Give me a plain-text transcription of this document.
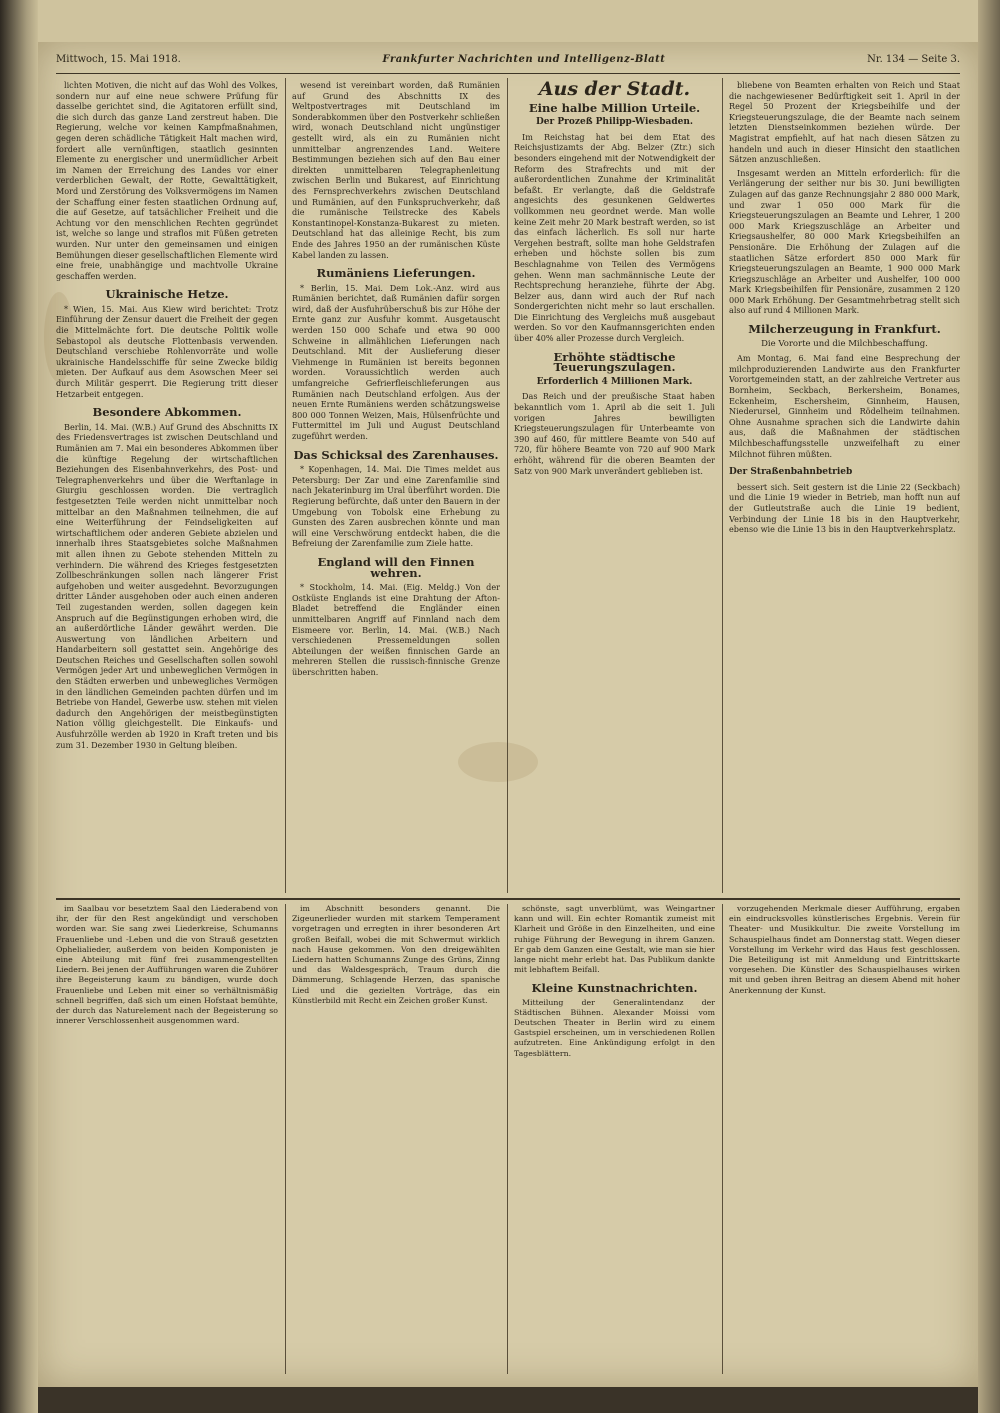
Mittwoch, 15. Mai 1918.	Frankfurter Nachrichten und Intelligenz-Blatt	Nr. 134 — Seite 3.

lichten Motiven, die nicht auf das Wohl des Volkes, sondern nur auf eine neue schwere Prüfung für dasselbe gerichtet sind, die Agitatoren erfüllt sind, die sich durch das ganze Land zerstreut haben. Die Regierung, welche vor keinen Kampfmaßnahmen, gegen deren schädliche Tätigkeit Halt machen wird, fordert alle vernünftigen, staatlich gesinnten Elemente zu energischer und unermüdlicher Arbeit im Namen der Erreichung des Landes vor einer verderblichen Gewalt, der Rotte, Gewalttätigkeit, Mord und Zerstörung des Volksvermögens im Namen der Schaffung einer festen staatlichen Ordnung auf, die auf Gesetze, auf tatsächlicher Freiheit und die Achtung vor den menschlichen Rechten gegründet ist, welche so lange und straflos mit Füßen getreten wurden. Nur unter den gemeinsamen und einigen Bemühungen dieser gesellschaftlichen Elemente wird eine freie, unabhängige und machtvolle Ukraine geschaffen werden.

Ukrainische Hetze.

* Wien, 15. Mai. Aus Kiew wird berichtet: Trotz Einführung der Zensur dauert die Freiheit der gegen die Mittelmächte fort. Die deutsche Politik wolle Sebastopol als deutsche Flottenbasis verwenden. Deutschland verschiebe Rohlenvorräte und wolle ukrainische Handelsschiffe für seine Zwecke bildig mieten. Der Aufkauf aus dem Asowschen Meer sei durch Militär gesperrt. Die Regierung tritt dieser Hetzarbeit entgegen.

Besondere Abkommen.

Berlin, 14. Mai. (W.B.) Auf Grund des Abschnitts IX des Friedensvertrages ist zwischen Deutschland und Rumänien am 7. Mai ein besonderes Abkommen über die künftige Regelung der wirtschaftlichen Beziehungen des Eisenbahnverkehrs, des Post- und Telegraphenverkehrs und über die Werftanlage in Giurgiu geschlossen worden. Die vertraglich festgesetzten Teile werden nicht unmittelbar noch mittelbar an den Maßnahmen teilnehmen, die auf eine Weiterführung der Feindseligkeiten auf wirtschaftlichem oder anderen Gebiete abzielen und innerhalb ihres Staatsgebietes solche Maßnahmen mit allen ihnen zu Gebote stehenden Mitteln zu verhindern. Die während des Krieges festgesetzten Zollbeschränkungen sollen nach längerer Frist aufgehoben und weiter ausgedehnt. Bevorzugungen dritter Länder ausgehoben oder auch einen anderen Teil zugestanden werden, sollen dagegen kein Anspruch auf die Begünstigungen erhoben wird, die an außerdörtliche Länder gewährt werden. Die Auswertung von ländlichen Arbeitern und Handarbeitern soll gestattet sein. Angehörige des Deutschen Reiches und Gesellschaften sollen sowohl Vermögen jeder Art und unbeweglichen Vermögen in den Städten erwerben und unbewegliches Vermögen in den ländlichen Gemeinden pachten dürfen und im Betriebe von Handel, Gewerbe usw. stehen mit vielen dadurch den Angehörigen der meistbegünstigten Nation völlig gleichgestellt. Die Einkaufs- und Ausfuhrzölle werden ab 1920 in Kraft treten und bis zum 31. Dezember 1930 in Geltung bleiben.

wesend ist vereinbart worden, daß Rumänien auf Grund des Abschnitts IX des Weltpostvertrages mit Deutschland im Sonderabkommen über den Postverkehr schließen wird, wonach Deutschland nicht ungünstiger gestellt wird, als ein zu Rumänien nicht unmittelbar angrenzendes Land. Weitere Bestimmungen beziehen sich auf den Bau einer direkten unmittelbaren Telegraphenleitung zwischen Berlin und Bukarest, auf Einrichtung des Fernsprechverkehrs zwischen Deutschland und Rumänien, auf den Funkspruchverkehr, daß die rumänische Teilstrecke des Kabels Konstantinopel-Konstanza-Bukarest zu mieten. Deutschland hat das alleinige Recht, bis zum Ende des Jahres 1950 an der rumänischen Küste Kabel landen zu lassen.

Rumäniens Lieferungen.

* Berlin, 15. Mai. Dem Lok.-Anz. wird aus Rumänien berichtet, daß Rumänien dafür sorgen wird, daß der Ausfuhrüberschuß bis zur Höhe der Ernte ganz zur Ausfuhr kommt. Ausgetauscht werden 150 000 Schafe und etwa 90 000 Schweine in allmählichen Lieferungen nach Deutschland. Mit der Auslieferung dieser Viehmenge in Rumänien ist bereits begonnen worden. Voraussichtlich werden auch umfangreiche Gefrierfleischlieferungen aus Rumänien nach Deutschland erfolgen. Aus der neuen Ernte Rumäniens werden schätzungsweise 800 000 Tonnen Weizen, Mais, Hülsenfrüchte und Futtermittel im Juli und August Deutschland zugeführt werden.

Das Schicksal des Zarenhauses.

* Kopenhagen, 14. Mai. Die Times meldet aus Petersburg: Der Zar und eine Zarenfamilie sind nach Jekaterinburg im Ural überführt worden. Die Regierung befürchte, daß unter den Bauern in der Umgebung von Tobolsk eine Erhebung zu Gunsten des Zaren ausbrechen könnte und man will eine Verschwörung entdeckt haben, die die Befreiung der Zarenfamilie zum Ziele hatte.

England will den Finnen wehren.

* Stockholm, 14. Mai. (Eig. Meldg.) Von der Ostküste Englands ist eine Drahtung der Afton-Bladet betreffend die Engländer einen unmittelbaren Angriff auf Finnland nach dem Eismeere vor. Berlin, 14. Mai. (W.B.) Nach verschiedenen Pressemeldungen sollen Abteilungen der weißen finnischen Garde an mehreren Stellen die russisch-finnische Grenze überschritten haben.

Aus der Stadt.
Eine halbe Million Urteile.
Der Prozeß Philipp-Wiesbaden.

Im Reichstag hat bei dem Etat des Reichsjustizamts der Abg. Belzer (Ztr.) sich besonders eingehend mit der Notwendigkeit der Reform des Strafrechts und mit der außerordentlichen Zunahme der Kriminalität befaßt. Er verlangte, daß die Geldstrafe angesichts des gesunkenen Geldwertes vollkommen neu geordnet werde. Man wolle keine Zeit mehr 20 Mark bestraft werden, so ist das einfach lächerlich. Es soll nur harte Vergehen bestraft, sollte man hohe Geldstrafen erheben und höchste sollen bis zum Beschlagnahme von Teilen des Vermögens gehen. Wenn man sachmännische Leute der Rechtsprechung heranziehe, führte der Abg. Belzer aus, dann wird auch der Ruf nach Sondergerichten nicht mehr so laut erschallen. Die Einrichtung des Vergleichs muß ausgebaut werden. So vor den Kaufmannsgerichten enden über 40% aller Prozesse durch Vergleich.

Erhöhte städtische Teuerungszulagen.
Erforderlich 4 Millionen Mark.

Das Reich und der preußische Staat haben bekanntlich vom 1. April ab die seit 1. Juli vorigen Jahres bewilligten Kriegsteuerungszulagen für Unterbeamte von 390 auf 460, für mittlere Beamte von 540 auf 720, für höhere Beamte von 720 auf 900 Mark erhöht, während für die oberen Beamten der Satz von 900 Mark unverändert geblieben ist.

bliebene von Beamten erhalten von Reich und Staat die nachgewiesener Bedürftigkeit seit 1. April in der Regel 50 Prozent der Kriegsbeihilfe und der Kriegsteuerungszulage, die der Beamte nach seinem letzten Dienstseinkommen beziehen würde. Der Magistrat empfiehlt, auf hat nach diesen Sätzen zu handeln und auch in dieser Hinsicht den staatlichen Sätzen anzuschließen.

Insgesamt werden an Mitteln erforderlich: für die Verlängerung der seither nur bis 30. Juni bewilligten Zulagen auf das ganze Rechnungsjahr 2 880 000 Mark, und zwar 1 050 000 Mark für die Kriegsteuerungszulagen an Beamte und Lehrer, 1 200 000 Mark Kriegszuschläge an Arbeiter und Kriegsaushelfer, 80 000 Mark Kriegsbeihilfen an Pensionäre. Die Erhöhung der Zulagen auf die staatlichen Sätze erfordert 850 000 Mark für Kriegsteuerungszulagen an Beamte, 1 900 000 Mark Kriegszuschläge an Arbeiter und Aushelfer, 100 000 Mark Kriegsbeihilfen für Pensionäre, zusammen 2 120 000 Mark Erhöhung. Der Gesamtmehrbetrag stellt sich also auf rund 4 Millionen Mark.

Milcherzeugung in Frankfurt.
Die Vororte und die Milchbeschaffung.

Am Montag, 6. Mai fand eine Besprechung der milchproduzierenden Landwirte aus den Frankfurter Vorortgemeinden statt, an der zahlreiche Vertreter aus Bornheim, Seckbach, Berkersheim, Bonames, Eckenheim, Eschersheim, Ginnheim, Hausen, Niederursel, Ginnheim und Rödelheim teilnahmen. Ohne Ausnahme sprachen sich die Landwirte dahin aus, daß die Maßnahmen der städtischen Milchbeschaffungsstelle unzweifelhaft zu einer Milchnot führen müßten.

Der Straßenbahnbetrieb

bessert sich. Seit gestern ist die Linie 22 (Seckbach) und die Linie 19 wieder in Betrieb, man hofft nun auf der Gutleutstraße auch die Linie 19 bedient, Verbindung der Linie 18 bis in den Hauptverkehr, ebenso wie die Linie 13 bis in den Hauptverkehrsplatz.

im Saalbau vor besetztem Saal den Liederabend von ihr, der für den Rest angekündigt und verschoben worden war. Sie sang zwei Liederkreise, Schumanns Frauenliebe und -Leben und die von Strauß gesetzten Ophelialieder, außerdem von beiden Komponisten je eine Abteilung mit fünf frei zusammengestellten Liedern. Bei jenen der Aufführungen waren die Zuhörer ihre Begeisterung kaum zu bändigen, wurde doch Frauenliebe und Leben mit einer so verhältnismäßig schnell begriffen, daß sich um einen Hofstaat bemühte, der durch das Naturelement nach der Begeisterung so innerer Verschlossenheit ausgenommen ward.

im Abschnitt besonders genannt. Die Zigeunerlieder wurden mit starkem Temperament vorgetragen und erregten in ihrer besonderen Art großen Beifall, wobei die mit Schwermut wirklich nach Hause gekommen. Von den dreigewählten Liedern hatten Schumanns Zunge des Grüns, Zinng und das Waldesgespräch, Traum durch die Dämmerung, Schlagende Herzen, das spanische Lied und die gezielten Vorträge, das ein Künstlerbild mit Recht ein Zeichen großer Kunst.

schönste, sagt unverblümt, was Weingartner kann und will. Ein echter Romantik zumeist mit Klarheit und Größe in den Einzelheiten, und eine ruhige Führung der Bewegung in ihrem Ganzen. Er gab dem Ganzen eine Gestalt, wie man sie hier lange nicht mehr erlebt hat. Das Publikum dankte mit lebhaftem Beifall.

Kleine Kunstnachrichten.

Mitteilung der Generalintendanz der Städtischen Bühnen. Alexander Moissi vom Deutschen Theater in Berlin wird zu einem Gastspiel erscheinen, um in verschiedenen Rollen aufzutreten. Eine Ankündigung erfolgt in den Tagesblättern.

vorzugehenden Merkmale dieser Aufführung, ergaben ein eindrucksvolles künstlerisches Ergebnis. Verein für Theater- und Musikkultur. Die zweite Vorstellung im Schauspielhaus findet am Donnerstag statt. Wegen dieser Vorstellung im Verkehr wird das Haus fest geschlossen. Die Beteiligung ist mit Anmeldung und Eintrittskarte vorgesehen. Die Künstler des Schauspielhauses wirken mit und geben ihren Beitrag an diesem Abend mit hoher Anerkennung der Kunst.
